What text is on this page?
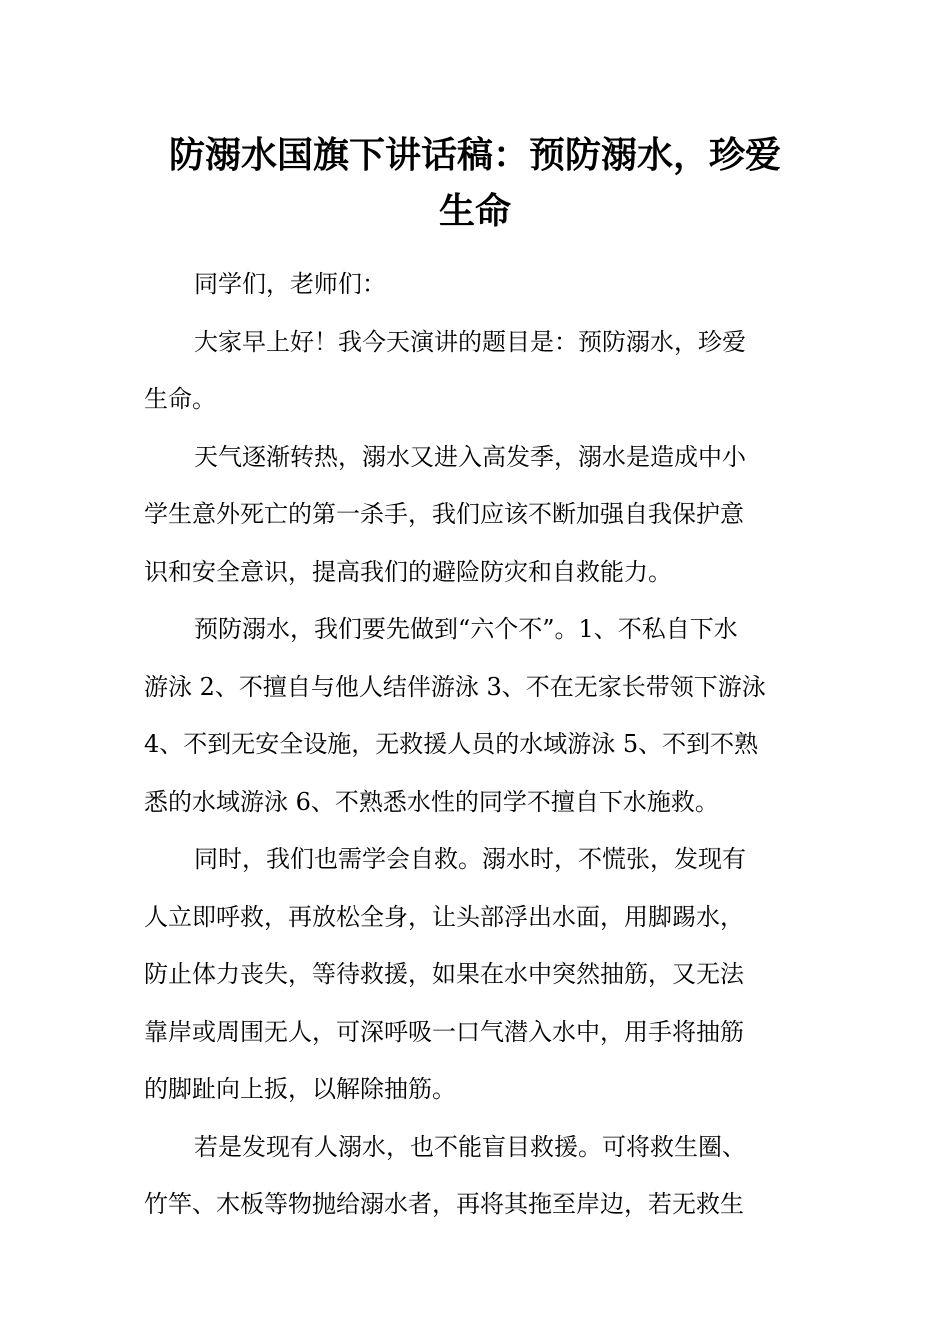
防溺水国旗下讲话稿：预防溺水，珍爱
生命
同学们，老师们：
大家早上好！我今天演讲的题目是：预防溺水，珍爱
生命。
天气逐渐转热，溺水又进入高发季，溺水是造成中小
学生意外死亡的第一杀手，我们应该不断加强自我保护意
识和安全意识，提高我们的避险防灾和自救能力。
预防溺水，我们要先做到“六个不”。1、不私自下水
游泳 2、不擅自与他人结伴游泳 3、不在无家长带领下游泳
4、不到无安全设施，无救援人员的水域游泳 5、不到不熟
悉的水域游泳 6、不熟悉水性的同学不擅自下水施救。
同时，我们也需学会自救。溺水时，不慌张，发现有
人立即呼救，再放松全身，让头部浮出水面，用脚踢水，
防止体力丧失，等待救援，如果在水中突然抽筋，又无法
靠岸或周围无人，可深呼吸一口气潜入水中，用手将抽筋
的脚趾向上扳，以解除抽筋。
若是发现有人溺水，也不能盲目救援。可将救生圈、
竹竿、木板等物抛给溺水者，再将其拖至岸边，若无救生
